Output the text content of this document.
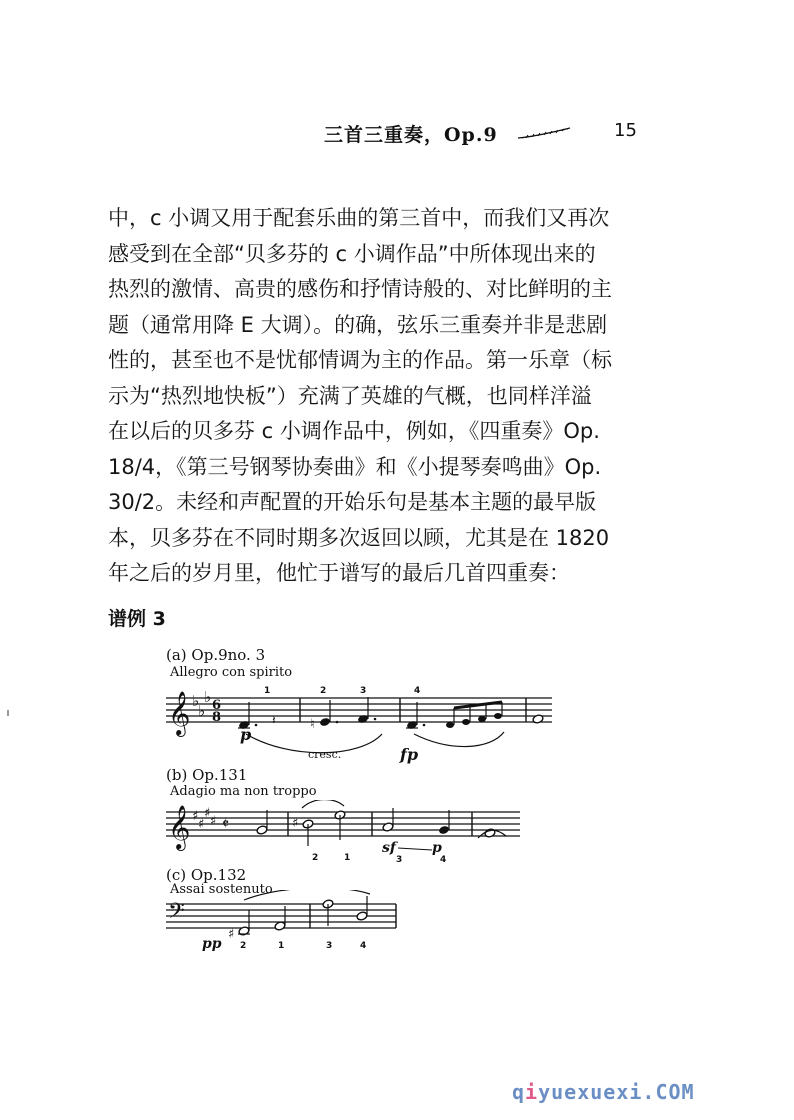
三首三重奏，Op.9	15
中，c 小调又用于配套乐曲的第三首中，而我们又再次
感受到在全部“贝多芬的 c 小调作品”中所体现出来的
热烈的激情、高贵的感伤和抒情诗般的、对比鲜明的主
题（通常用降 E 大调）。的确，弦乐三重奏并非是悲剧
性的，甚至也不是忧郁情调为主的作品。第一乐章（标
示为“热烈地快板”）充满了英雄的气概，也同样洋溢
在以后的贝多芬 c 小调作品中，例如，《四重奏》Op.
18/4，《第三号钢琴协奏曲》和《小提琴奏鸣曲》Op.
30/2。未经和声配置的开始乐句是基本主题的最早版
本，贝多芬在不同时期多次返回以顾，尤其是在 1820
年之后的岁月里，他忙于谱写的最后几首四重奏：
谱例 3
(a) Op.9no. 3
Allegro con spirito
𝄞 ♭
♭
♭ 6
8
1
𝄽	♮
2	3	4
p
cresc.	fp
(b) Op.131
Adagio ma non troppo
𝄞 ♯
♯
♯
♯ 𝄵	♯
2	1	3	4
sf	p
(c) Op.132
Assai sostenuto
𝄢
♯
pp 2	1	3	4
qiyuexuexi.COM
